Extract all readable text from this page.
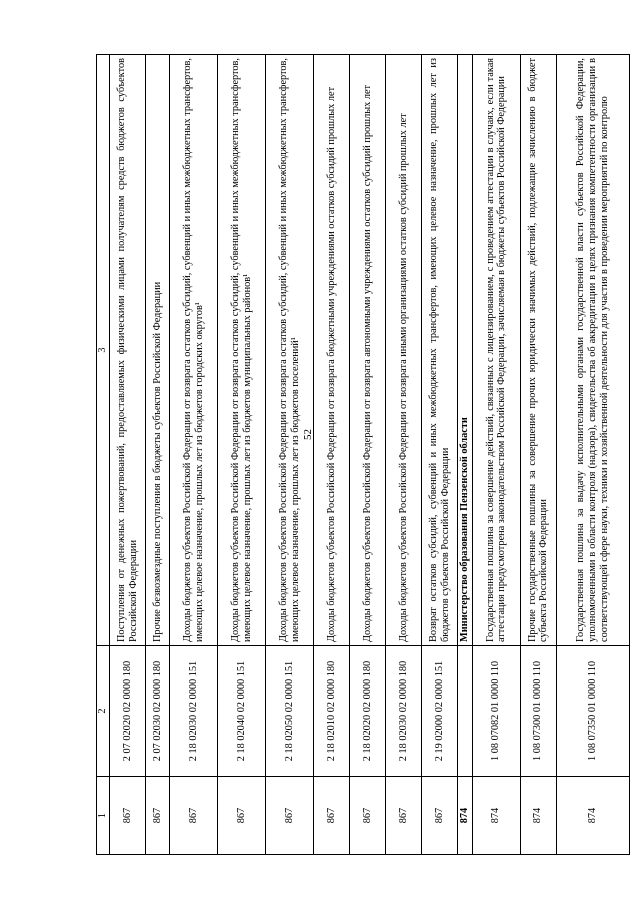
52
1	2	3
867	2 07 02020 02 0000 180	Поступления от денежных пожертвований, предоставляемых физическими лицами получателям средств бюджетов субъектов Российской Федерации
867	2 07 02030 02 0000 180	Прочие безвозмездные поступления в бюджеты субъектов Российской Федерации
867	2 18 02030 02 0000 151	Доходы бюджетов субъектов Российской Федерации от возврата остатков субсидий, субвенций и иных межбюджетных трансфертов, имеющих целевое назначение, прошлых лет из бюджетов городских округов¹
867	2 18 02040 02 0000 151	Доходы бюджетов субъектов Российской Федерации от возврата остатков субсидий, субвенций и иных межбюджетных трансфертов, имеющих целевое назначение, прошлых лет из бюджетов муниципальных районов¹
867	2 18 02050 02 0000 151	Доходы бюджетов субъектов Российской Федерации от возврата остатков субсидий, субвенций и иных межбюджетных трансфертов, имеющих целевое назначение, прошлых лет из бюджетов поселений¹
867	2 18 02010 02 0000 180	Доходы бюджетов субъектов Российской Федерации от возврата бюджетными учреждениями остатков субсидий прошлых лет
867	2 18 02020 02 0000 180	Доходы бюджетов субъектов Российской Федерации от возврата автономными учреждениями остатков субсидий прошлых лет
867	2 18 02030 02 0000 180	Доходы бюджетов субъектов Российской Федерации от возврата иными организациями остатков субсидий прошлых лет
867	2 19 02000 02 0000 151	Возврат остатков субсидий, субвенций и иных межбюджетных трансфертов, имеющих целевое назначение, прошлых лет из бюджетов субъектов Российской Федерации
874		Министерство образования Пензенской области
874	1 08 07082 01 0000 110	Государственная пошлина за совершение действий, связанных с лицензированием, с проведением аттестации в случаях, если такая аттестация предусмотрена законодательством Российской Федерации, зачисляемая в бюджеты субъектов Российской Федерации
874	1 08 07300 01 0000 110	Прочие государственные пошлины за совершение прочих юридически значимых действий, подлежащие зачислению в бюджет субъекта Российской Федерации
874	1 08 07350 01 0000 110	Государственная пошлина за выдачу исполнительными органами государственной власти субъектов Российской Федерации, уполномоченными в области контроля (надзора), свидетельства об аккредитации в целях признания компетентности организации в соответствующей сфере науки, техники и хозяйственной деятельности для участия в проведении мероприятий по контролю
